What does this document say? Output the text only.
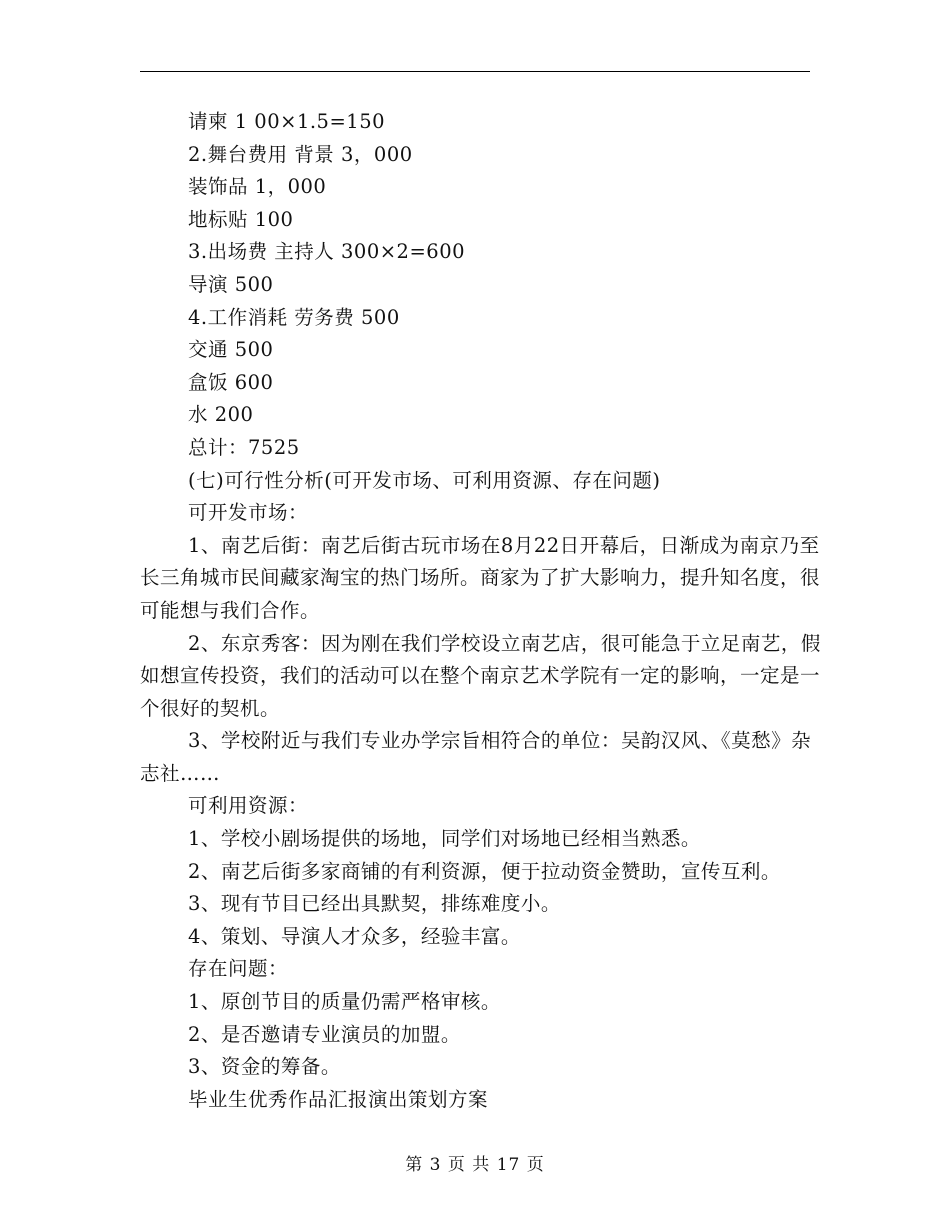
请柬 1 00×1.5=150

2.舞台费用 背景 3，000

装饰品 1，000

地标贴 100

3.出场费 主持人 300×2=600

导演 500

4.工作消耗 劳务费 500

交通 500

盒饭 600

水 200

总计：7525

(七)可行性分析(可开发市场、可利用资源、存在问题)

可开发市场：

1、南艺后街：南艺后街古玩市场在8月22日开幕后，日渐成为南京乃至长三角城市民间藏家淘宝的热门场所。商家为了扩大影响力，提升知名度，很可能想与我们合作。

2、东京秀客：因为刚在我们学校设立南艺店，很可能急于立足南艺，假如想宣传投资，我们的活动可以在整个南京艺术学院有一定的影响，一定是一个很好的契机。

3、学校附近与我们专业办学宗旨相符合的单位：吴韵汉风、《莫愁》杂志社……

可利用资源：

1、学校小剧场提供的场地，同学们对场地已经相当熟悉。

2、南艺后街多家商铺的有利资源，便于拉动资金赞助，宣传互利。

3、现有节目已经出具默契，排练难度小。

4、策划、导演人才众多，经验丰富。

存在问题：

1、原创节目的质量仍需严格审核。

2、是否邀请专业演员的加盟。

3、资金的筹备。

毕业生优秀作品汇报演出策划方案

第 3 页 共 17 页
